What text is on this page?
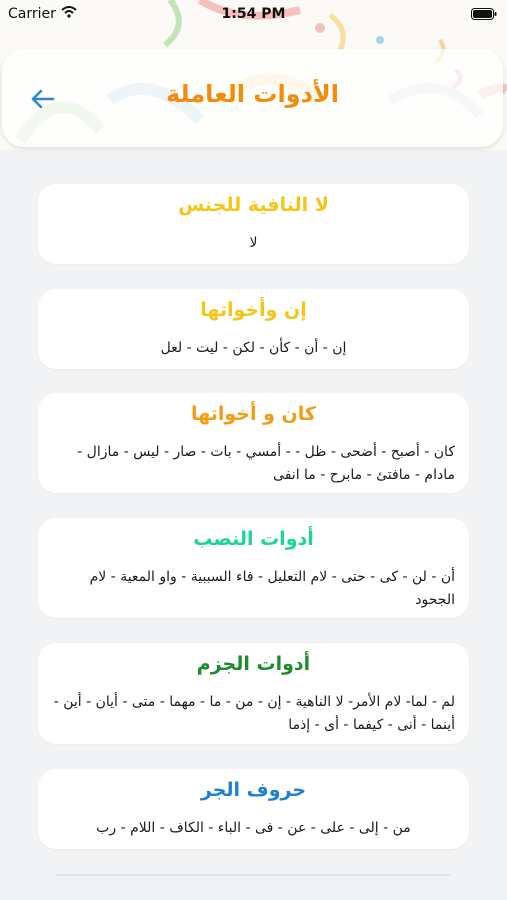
Carrier	1:54 PM
الأدوات العاملة
لا النافية للجنس
لا
إن وأخواتها
إن - أن - كأن - لكن - ليت - لعل
كان و أخواتها
كان - أصبح - أضحى - ظل - - أمسي - بات - صار - ليس - مازال - مادام - مافتئ - مابرح - ما انفى
أدوات النصب
أن - لن - كى - حتى - لام التعليل - فاء السببية - واو المعية - لام الجحود
أدوات الجزم
لم - لما- لام الأمر- لا الناهية - إن - من - ما - مهما - متى - أيان - أين - أينما - أنى - كيفما - أى - إذما
حروف الجر
من - إلى - على - عن - فى - الباء - الكاف - اللام - رب
